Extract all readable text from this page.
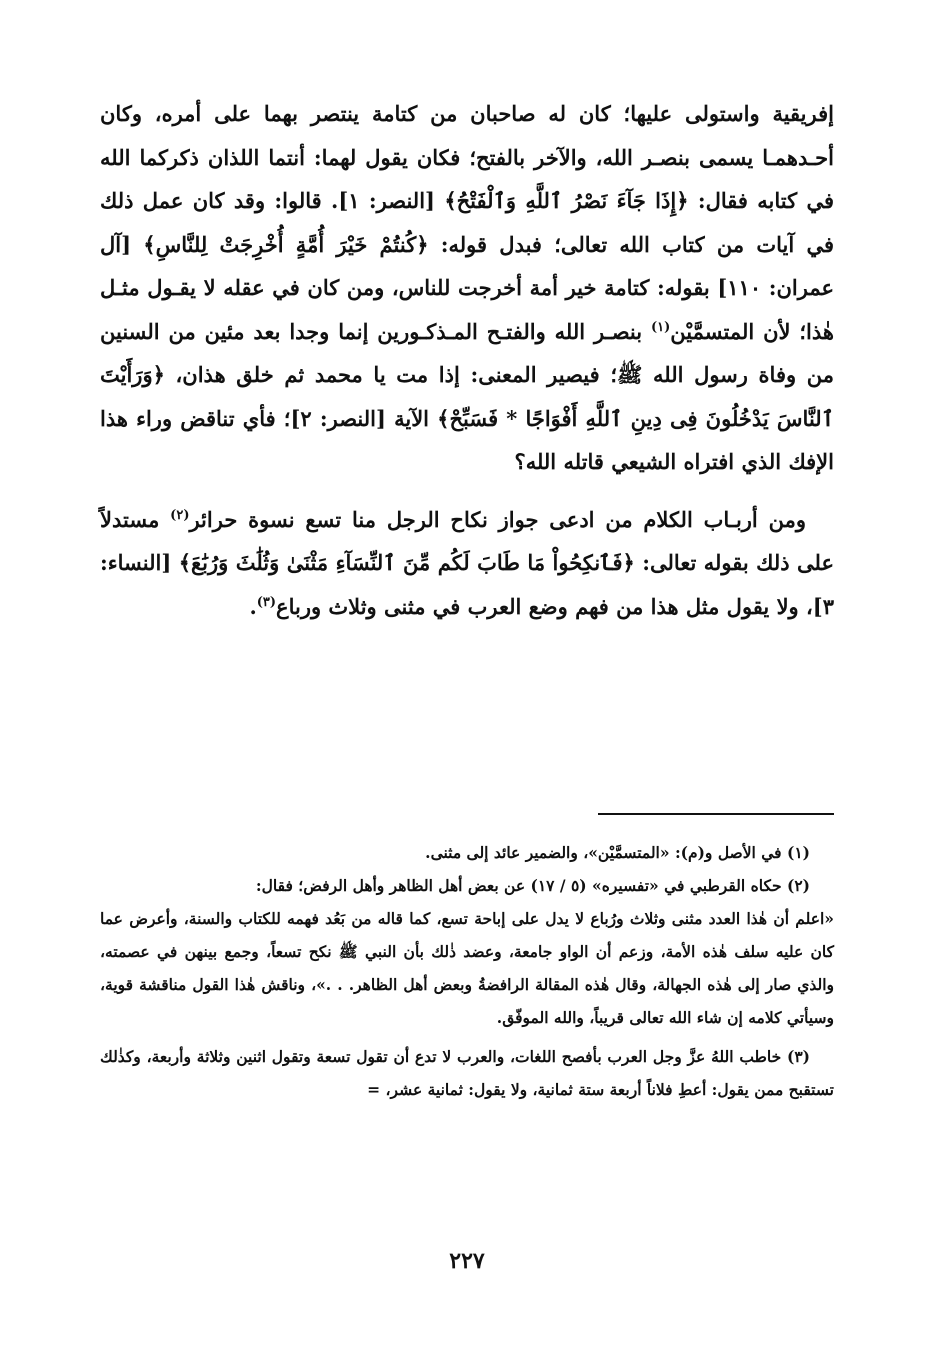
إفريقية واستولى عليها؛ كان له صاحبان من كتامة ينتصر بهما على أمره، وكان أحـدهمـا يسمى بنصـر الله، والآخر بالفتح؛ فكان يقول لهما: أنتما اللذان ذكركما الله في كتابه فقال: ﴿إِذَا جَآءَ نَصْرُ ٱللَّهِ وَٱلْفَتْحُ﴾ [النصر: ١]. قالوا: وقد كان عمل ذلك في آيات من كتاب الله تعالى؛ فبدل قوله: ﴿كُنتُمْ خَيْرَ أُمَّةٍ أُخْرِجَتْ لِلنَّاسِ﴾ [آل عمران: ١١٠] بقوله: كتامة خير أمة أخرجت للناس، ومن كان في عقله لا يقـول مثـل هٰذا؛ لأن المتسمَّيْن$^{(١)}$ بنصـر الله والفتـح المـذكـورين إنما وجدا بعد مئين من السنين من وفاة رسول الله ﷺ؛ فيصير المعنى: إذا مت يا محمد ثم خلق هذان، ﴿وَرَأَيْتَ ٱلنَّاسَ يَدْخُلُونَ فِى دِينِ ٱللَّهِ أَفْوَاجًا * فَسَبِّحْ﴾ الآية [النصر: ٢]؛ فأي تناقض وراء هذا الإفك الذي افتراه الشيعي قاتله الله؟

ومن أربـاب الكلام من ادعى جواز نكاح الرجل منا تسع نسوة حرائر$^{(٢)}$ مستدلاً على ذلك بقوله تعالى: ﴿فَٱنكِحُواْ مَا طَابَ لَكُم مِّنَ ٱلنِّسَآءِ مَثْنَىٰ وَثُلَٰثَ وَرُبَٰعَ﴾ [النساء: ٣]، ولا يقول مثل هذا من فهم وضع العرب في مثنى وثلاث ورباع$^{(٣)}$.

(١) في الأصل و(م): «المتسمَّيْن»، والضمير عائد إلى مثنى.

(٢) حكاه القرطبي في «تفسيره» (٥ / ١٧) عن بعض أهل الظاهر وأهل الرفض؛ فقال:

«اعلم أن هٰذا العدد مثنى وثلاث ورُباع لا يدل على إباحة تسع، كما قاله من بَعُد فهمه للكتاب والسنة، وأعرض عما كان عليه سلف هٰذه الأمة، وزعم أن الواو جامعة، وعضد ذٰلك بأن النبي ﷺ نكح تسعاً، وجمع بينهن في عصمته، والذي صار إلى هٰذه الجهالة، وقال هٰذه المقالة الرافضةُ وبعض أهل الظاهر. . .»، وناقش هٰذا القول مناقشة قوية، وسيأتي كلامه إن شاء الله تعالى قريباً، والله الموفّق.

(٣) خاطب اللهُ عزَّ وجل العرب بأفصح اللغات، والعرب لا تدع أن تقول تسعة وتقول اثنين وثلاثة وأربعة، وكذٰلك تستقبح ممن يقول: أعطِ فلاناً أربعة ستة ثمانية، ولا يقول: ثمانية عشر، =

٢٢٧
